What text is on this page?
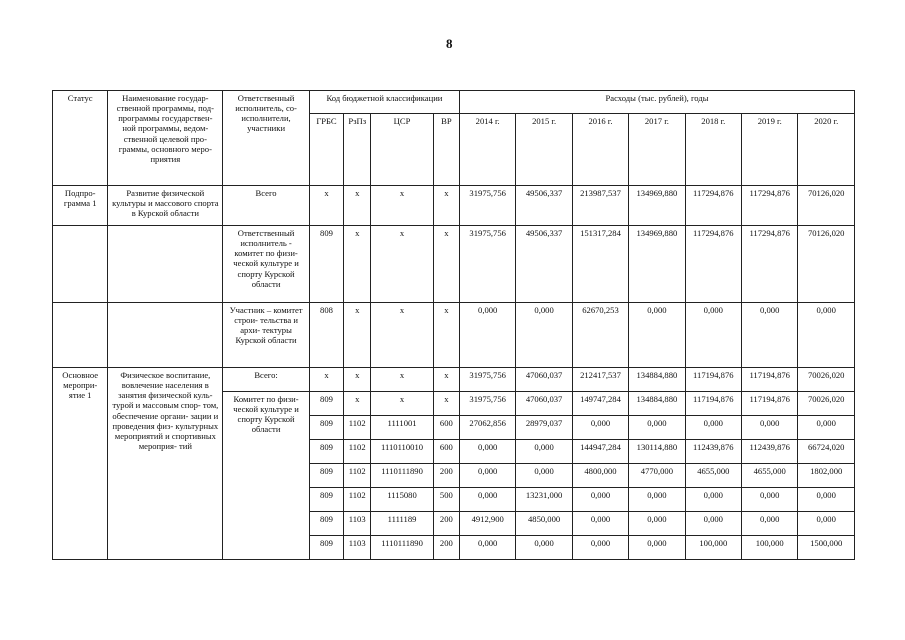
8
Статус	Наименование государ- ственной программы, под- программы государствен- ной программы, ведом- ственной целевой про- граммы, основного меро- приятия	Ответственный исполнитель, со- исполнители, участники	Код бюджетной классификации				Расходы (тыс. рублей), годы						
			ГРБС	РзПз	ЦСР	ВР	2014 г.	2015 г.	2016 г.	2017 г.	2018 г.	2019 г.	2020 г.
Подпро- грамма 1	Развитие физической культуры и массового спорта в Курской области	Всего	х	х	х	х	31975,756	49506,337	213987,537	134969,880	117294,876	117294,876	70126,020
		Ответственный исполнитель - комитет по физи- ческой культуре и спорту Курской области	809	х	х	х	31975,756	49506,337	151317,284	134969,880	117294,876	117294,876	70126,020
		Участник – комитет строи- тельства и архи- тектуры Курской области	808	х	х	х	0,000	0,000	62670,253	0,000	0,000	0,000	0,000
Основное меропри- ятие 1	Физическое воспитание, вовлечение населения в занятия физической куль- турой и массовым спор- том, обеспечение органи- зации и проведения физ- культурных мероприятий и спортивных мероприя- тий	Всего:	х	х	х	х	31975,756	47060,037	212417,537	134884,880	117194,876	117194,876	70026,020
		Комитет по физи- ческой культуре и спорту Курской области	809	х	х	х	31975,756	47060,037	149747,284	134884,880	117194,876	117194,876	70026,020
			809	1102	1111001	600	27062,856	28979,037	0,000	0,000	0,000	0,000	0,000
			809	1102	1110110010	600	0,000	0,000	144947,284	130114,880	112439,876	112439,876	66724,020
			809	1102	1110111890	200	0,000	0,000	4800,000	4770,000	4655,000	4655,000	1802,000
			809	1102	1115080	500	0,000	13231,000	0,000	0,000	0,000	0,000	0,000
			809	1103	1111189	200	4912,900	4850,000	0,000	0,000	0,000	0,000	0,000
			809	1103	1110111890	200	0,000	0,000	0,000	0,000	100,000	100,000	1500,000
